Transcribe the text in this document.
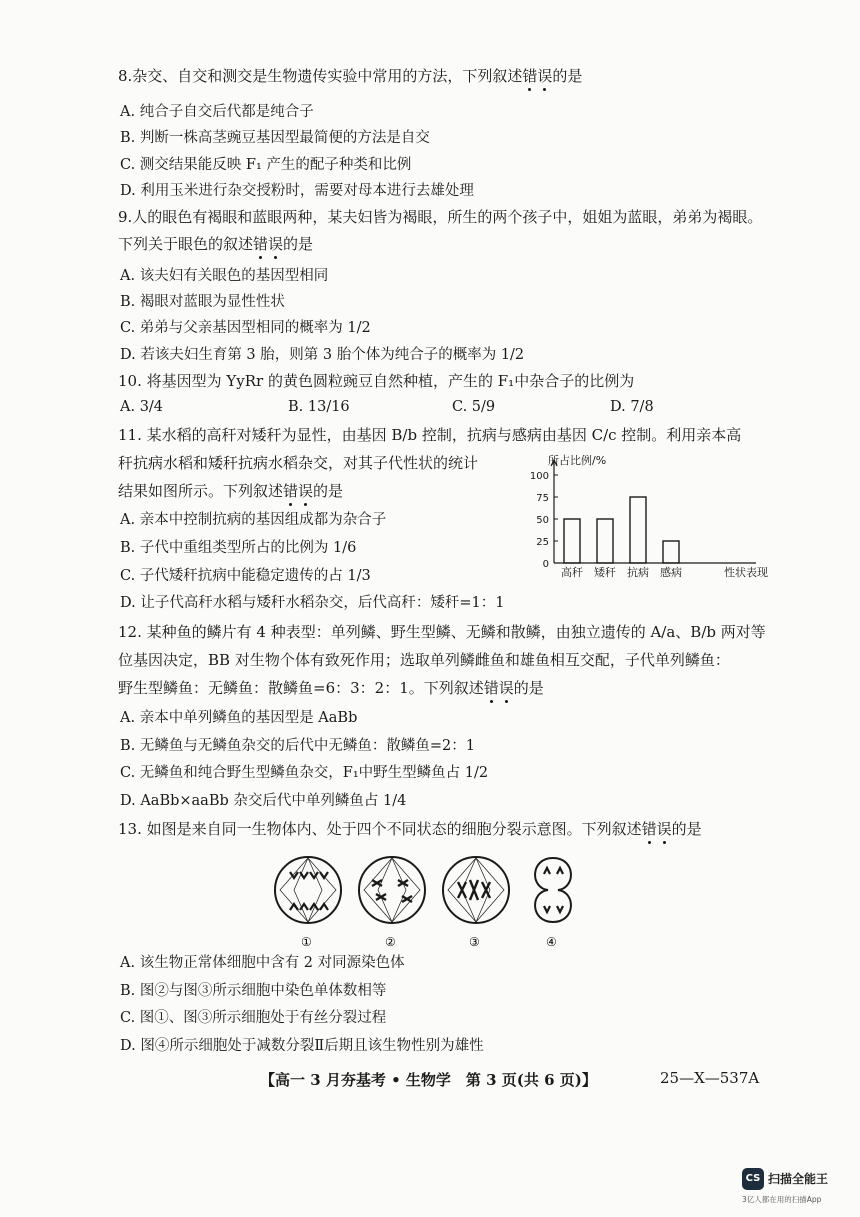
8.杂交、自交和测交是生物遗传实验中常用的方法，下列叙述错误的是
A. 纯合子自交后代都是纯合子
B. 判断一株高茎豌豆基因型最简便的方法是自交
C. 测交结果能反映 F₁ 产生的配子种类和比例
D. 利用玉米进行杂交授粉时，需要对母本进行去雄处理
9.人的眼色有褐眼和蓝眼两种，某夫妇皆为褐眼，所生的两个孩子中，姐姐为蓝眼，弟弟为褐眼。
下列关于眼色的叙述错误的是
A. 该夫妇有关眼色的基因型相同
B. 褐眼对蓝眼为显性性状
C. 弟弟与父亲基因型相同的概率为 1/2
D. 若该夫妇生育第 3 胎，则第 3 胎个体为纯合子的概率为 1/2
10. 将基因型为 YyRr 的黄色圆粒豌豆自然种植，产生的 F₁中杂合子的比例为
A. 3/4	B. 13/16	C. 5/9	D. 7/8
11. 某水稻的高秆对矮秆为显性，由基因 B/b 控制，抗病与感病由基因 C/c 控制。利用亲本高
秆抗病水稻和矮秆抗病水稻杂交，对其子代性状的统计
结果如图所示。下列叙述错误的是
A. 亲本中控制抗病的基因组成都为杂合子
B. 子代中重组类型所占的比例为 1/6
C. 子代矮秆抗病中能稳定遗传的占 1/3
D. 让子代高秆水稻与矮秆水稻杂交，后代高秆：矮秆=1：1
所占比例/%
性状表现
0
25
50
75
100
高秆 矮秆 抗病 感病
12. 某种鱼的鳞片有 4 种表型：单列鳞、野生型鳞、无鳞和散鳞，由独立遗传的 A/a、B/b 两对等
位基因决定，BB 对生物个体有致死作用；选取单列鳞雌鱼和雄鱼相互交配，子代单列鳞鱼：
野生型鳞鱼：无鳞鱼：散鳞鱼=6：3：2：1。下列叙述错误的是
A. 亲本中单列鳞鱼的基因型是 AaBb
B. 无鳞鱼与无鳞鱼杂交的后代中无鳞鱼：散鳞鱼=2：1
C. 无鳞鱼和纯合野生型鳞鱼杂交，F₁中野生型鳞鱼占 1/2
D. AaBb×aaBb 杂交后代中单列鳞鱼占 1/4
13. 如图是来自同一生物体内、处于四个不同状态的细胞分裂示意图。下列叙述错误的是
①	②	③	④
A. 该生物正常体细胞中含有 2 对同源染色体
B. 图②与图③所示细胞中染色单体数相等
C. 图①、图③所示细胞处于有丝分裂过程
D. 图④所示细胞处于减数分裂Ⅱ后期且该生物性别为雄性
【高一 3 月夯基考 • 生物学　第 3 页(共 6 页)】	25—X—537A
CS 扫描全能王
3亿人都在用的扫描App
